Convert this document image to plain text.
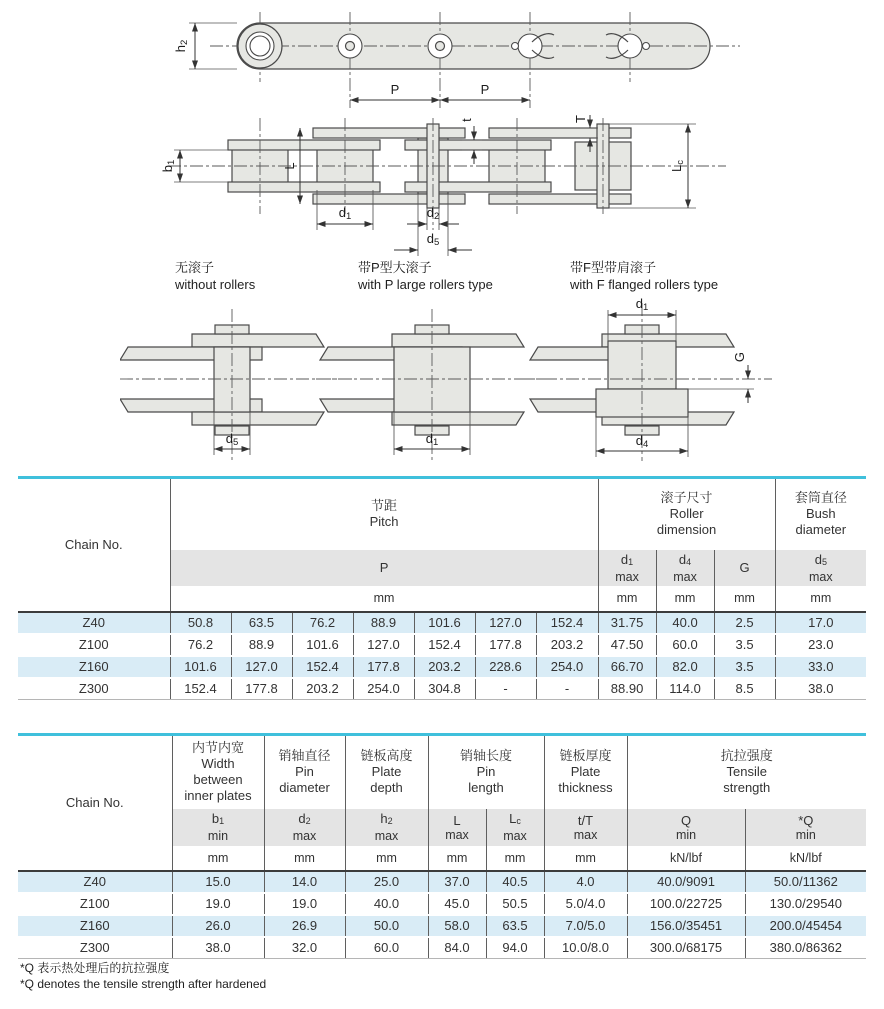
h2
P	P
b1	L
d1	d2
d5
t	T
Lc
无滚子
without rollers
带P型大滚子
with P large rollers type
带F型带肩滚子
with F flanged rollers type
d5	d1
d1
d4
G
Chain No.	
节距
Pitch

滚子尺寸
Roller
dimension

套筒直径
Bush
diameter

P	
d1
max

d4
max
	G	
d5
max

	mm							mm	mm	mm	mm
Z40	50.8	63.5	76.2	88.9	101.6	127.0	152.4	31.75	40.0	2.5	17.0
Z100	76.2	88.9	101.6	127.0	152.4	177.8	203.2	47.50	60.0	3.5	23.0
Z160	101.6	127.0	152.4	177.8	203.2	228.6	254.0	66.70	82.0	3.5	33.0
Z300	152.4	177.8	203.2	254.0	304.8	-	-	88.90	114.0	8.5	38.0
Chain No.	
内节内宽
Width
between
inner plates

销轴直径
Pin
diameter

链板高度
Plate
depth

销轴长度
Pin
length

链板厚度
Plate
thickness

抗拉强度
Tensile
strength

b1
min

d2
max

h2
max

L
max

Lc
max

t/T
max

Q
min

*Q
min

	mm	mm	mm	mm	mm	mm	kN/lbf	kN/lbf
Z40	15.0	14.0	25.0	37.0	40.5	4.0	40.0/9091	50.0/11362
Z100	19.0	19.0	40.0	45.0	50.5	5.0/4.0	100.0/22725	130.0/29540
Z160	26.0	26.9	50.0	58.0	63.5	7.0/5.0	156.0/35451	200.0/45454
Z300	38.0	32.0	60.0	84.0	94.0	10.0/8.0	300.0/68175	380.0/86362
*Q 表示热处理后的抗拉强度
*Q denotes the tensile strength after hardened
